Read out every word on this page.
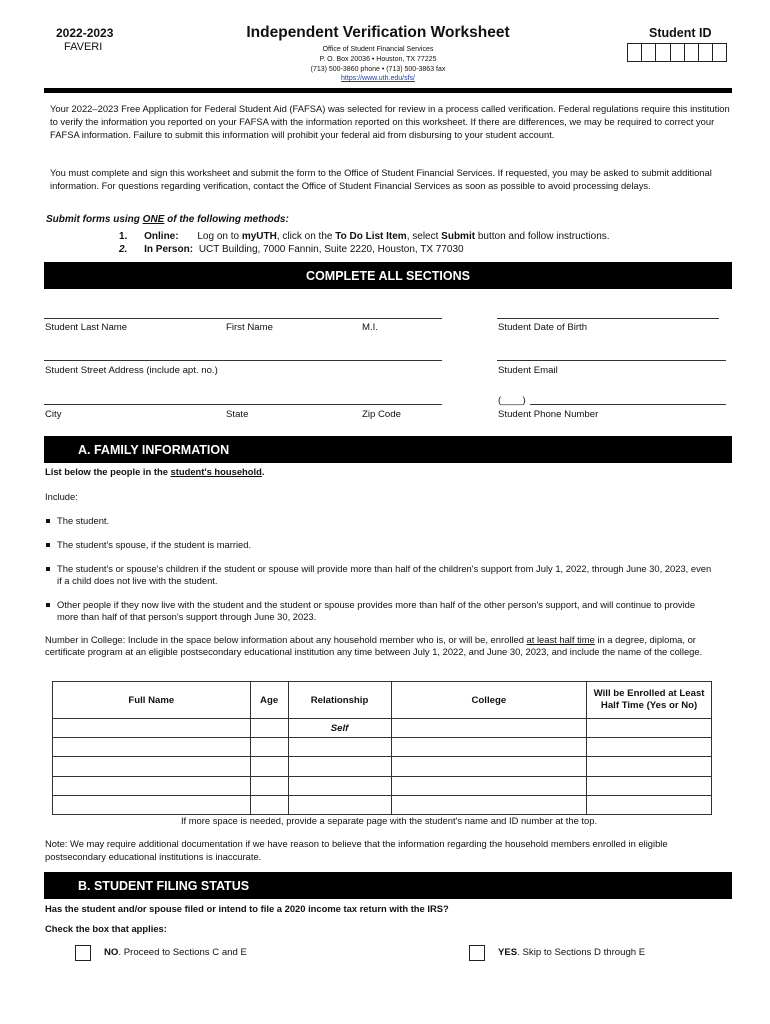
2022-2023
FAVERI
Independent Verification Worksheet
Office of Student Financial Services
P. O. Box 20036 • Houston, TX 77225
(713) 500-3860 phone • (713) 500-3863 fax
https://www.uth.edu/sfs/
Student ID
Your 2022–2023 Free Application for Federal Student Aid (FAFSA) was selected for review in a process called verification. Federal regulations require this institution to verify the information you reported on your FAFSA with the information reported on this worksheet. If there are differences, we may be required to correct your FAFSA information. Failure to submit this information will prohibit your federal aid from disbursing to your student account.
You must complete and sign this worksheet and submit the form to the Office of Student Financial Services. If requested, you may be asked to submit additional information. For questions regarding verification, contact the Office of Student Financial Services as soon as possible to avoid processing delays.
Submit forms using ONE of the following methods:
1. Online: Log on to myUTH, click on the To Do List Item, select Submit button and follow instructions.
2. In Person: UCT Building, 7000 Fannin, Suite 2220, Houston, TX 77030
COMPLETE ALL SECTIONS
Student Last Name	First Name	M.I.	Student Date of Birth
Student Street Address (include apt. no.)	Student Email
(____)
City	State	Zip Code	Student Phone Number
A. FAMILY INFORMATION
List below the people in the student's household.
Include:
The student.
The student's spouse, if the student is married.
The student's or spouse's children if the student or spouse will provide more than half of the children's support from July 1, 2022, through June 30, 2023, even if a child does not live with the student.
Other people if they now live with the student and the student or spouse provides more than half of the other person's support, and will continue to provide more than half of that person's support through June 30, 2023.
Number in College: Include in the space below information about any household member who is, or will be, enrolled at least half time in a degree, diploma, or certificate program at an eligible postsecondary educational institution any time between July 1, 2022, and June 30, 2023, and include the name of the college.
Full Name	Age	Relationship	College	Will be Enrolled at Least Half Time (Yes or No)
		Self		

If more space is needed, provide a separate page with the student's name and ID number at the top.
Note: We may require additional documentation if we have reason to believe that the information regarding the household members enrolled in eligible postsecondary educational institutions is inaccurate.
B. STUDENT FILING STATUS
Has the student and/or spouse filed or intend to file a 2020 income tax return with the IRS?
Check the box that applies:
NO. Proceed to Sections C and E	YES. Skip to Sections D through E
